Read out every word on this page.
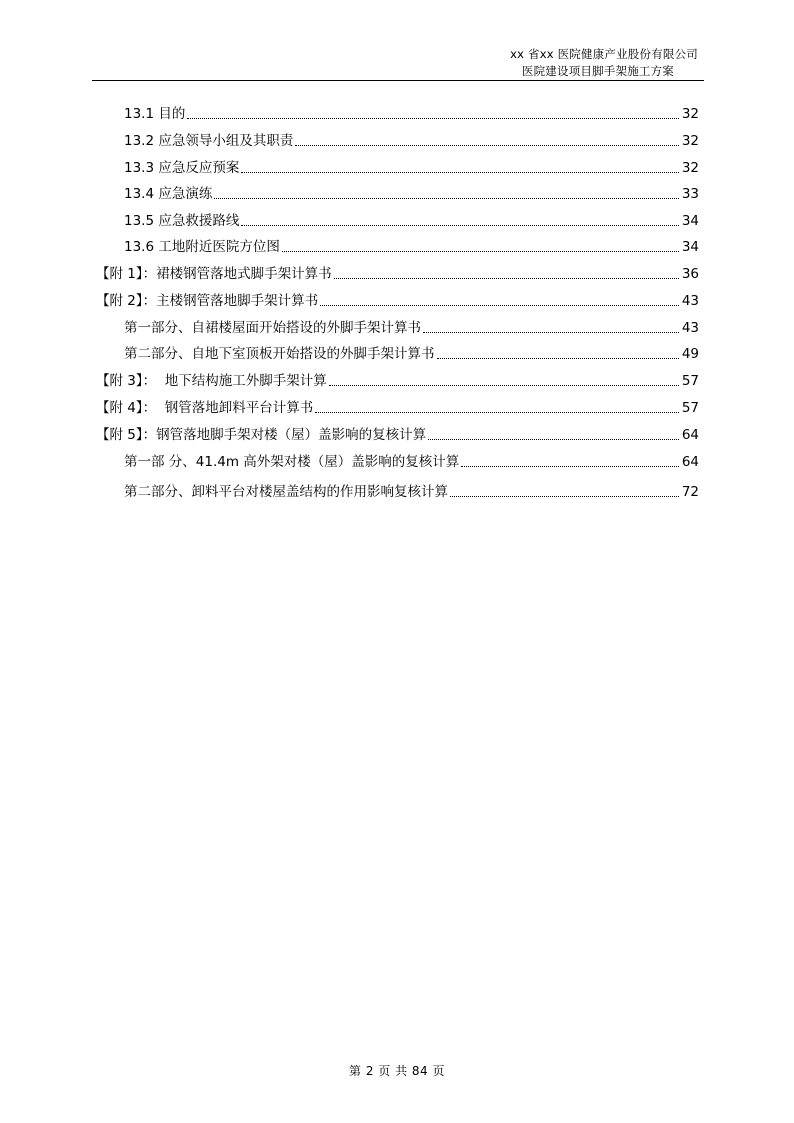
xx 省xx 医院健康产业股份有限公司
医院建设项目脚手架施工方案
13.1 目的	32
13.2 应急领导小组及其职责	32
13.3 应急反应预案	32
13.4 应急演练	33
13.5 应急救援路线	34
13.6 工地附近医院方位图	34
【附 1】：裙楼钢管落地式脚手架计算书	36
【附 2】：主楼钢管落地脚手架计算书	43
第一部分、自裙楼屋面开始搭设的外脚手架计算书	43
第二部分、自地下室顶板开始搭设的外脚手架计算书	49
【附 3】：  地下结构施工外脚手架计算	57
【附 4】：  钢管落地卸料平台计算书	57
【附 5】：钢管落地脚手架对楼（屋）盖影响的复核计算	64
第一部 分、41.4m 高外架对楼（屋）盖影响的复核计算	64
第二部分、卸料平台对楼屋盖结构的作用影响复核计算	72
第 2 页 共 84 页
